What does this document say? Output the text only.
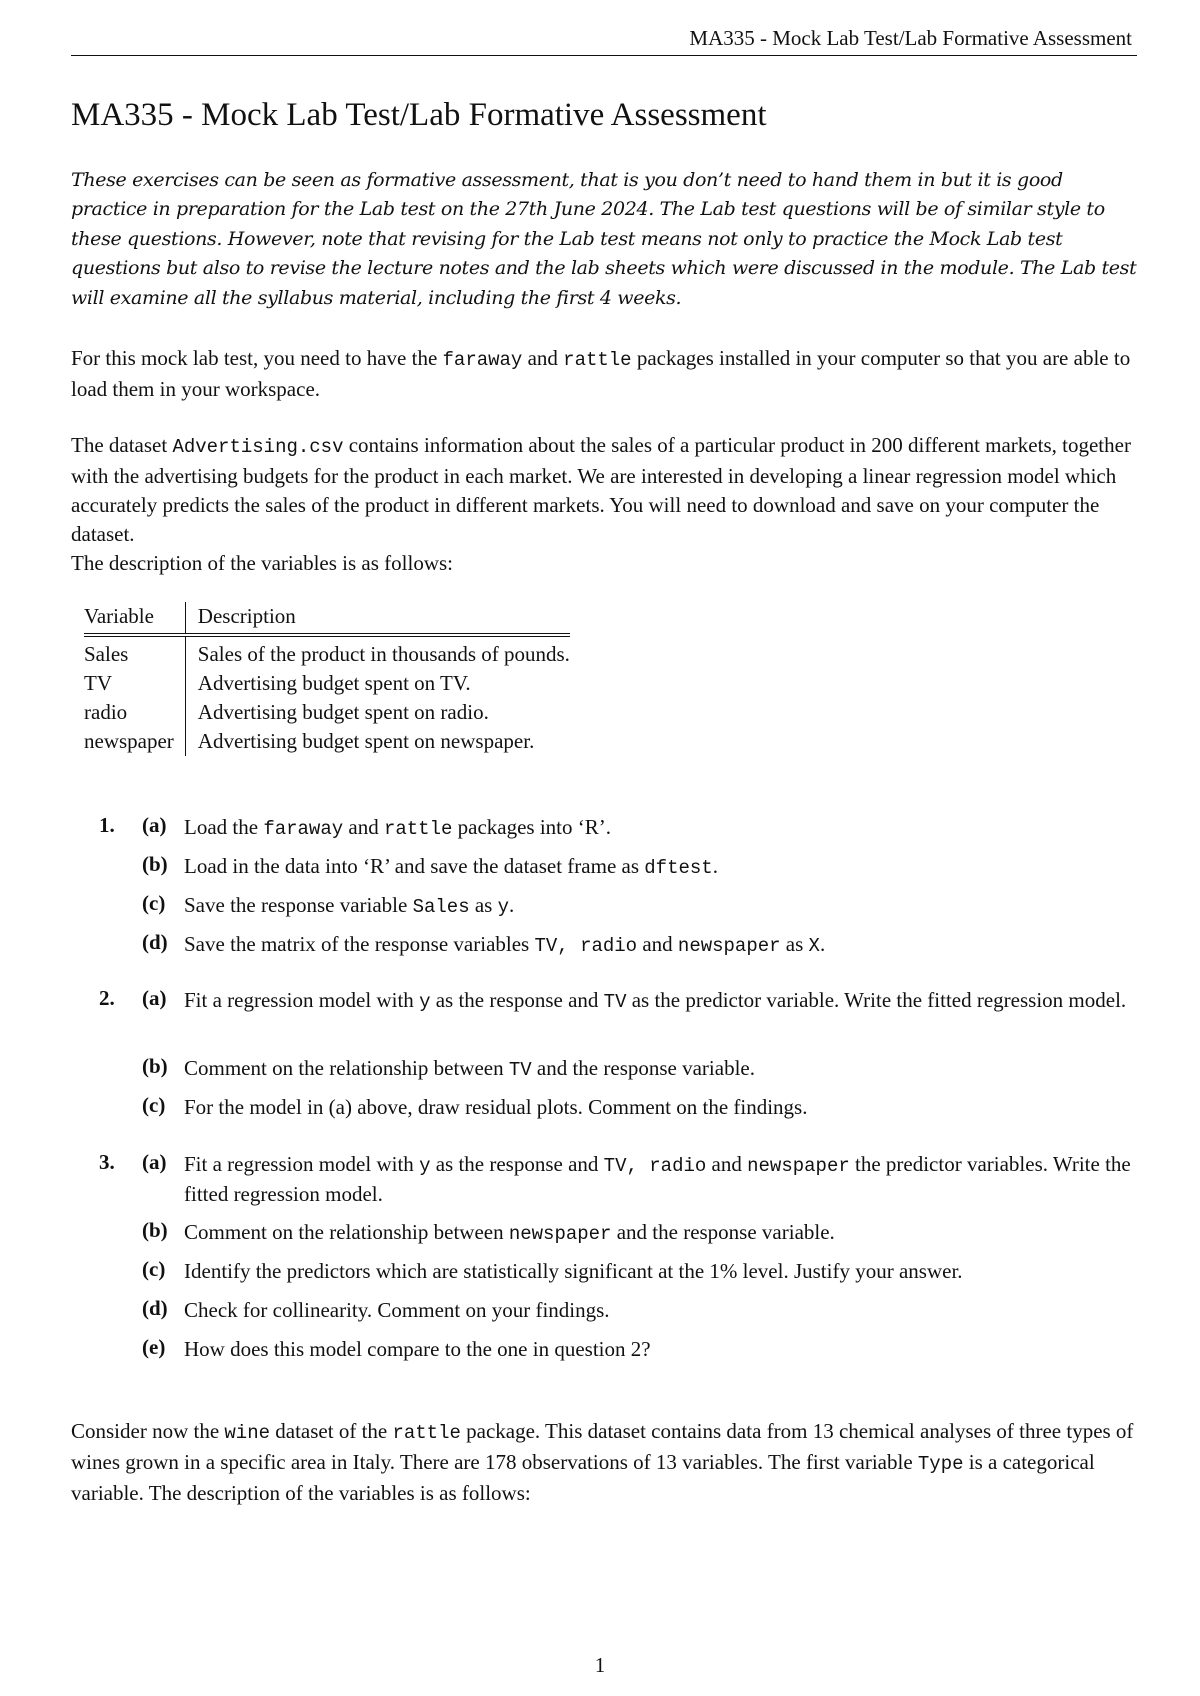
MA335 - Mock Lab Test/Lab Formative Assessment
MA335 - Mock Lab Test/Lab Formative Assessment

These exercises can be seen as formative assessment, that is you don’t need to hand them in but it is good practice in preparation for the Lab test on the 27th June 2024. The Lab test questions will be of similar style to these questions. However, note that revising for the Lab test means not only to practice the Mock Lab test questions but also to revise the lecture notes and the lab sheets which were discussed in the module. The Lab test will examine all the syllabus material, including the first 4 weeks.

For this mock lab test, you need to have the faraway and rattle packages installed in your computer so that you are able to load them in your workspace.

The dataset Advertising.csv contains information about the sales of a particular product in 200 different markets, together with the advertising budgets for the product in each market. We are interested in developing a linear regression model which accurately predicts the sales of the product in different markets. You will need to download and save on your computer the dataset.
The description of the variables is as follows:

Variable	Description
Sales	Sales of the product in thousands of pounds.
TV	Advertising budget spent on TV.
radio	Advertising budget spent on radio.
newspaper	Advertising budget spent on newspaper.
1. (a) Load the faraway and rattle packages into ‘R’.
(b) Load in the data into ‘R’ and save the dataset frame as dftest.
(c) Save the response variable Sales as y.
(d) Save the matrix of the response variables TV, radio and newspaper as X.
2. (a) Fit a regression model with y as the response and TV as the predictor variable. Write the fitted regression model.
(b) Comment on the relationship between TV and the response variable.
(c) For the model in (a) above, draw residual plots. Comment on the findings.
3. (a) Fit a regression model with y as the response and TV, radio and newspaper the predictor variables. Write the fitted regression model.
(b) Comment on the relationship between newspaper and the response variable.
(c) Identify the predictors which are statistically significant at the 1% level. Justify your answer.
(d) Check for collinearity. Comment on your findings.
(e) How does this model compare to the one in question 2?

Consider now the wine dataset of the rattle package. This dataset contains data from 13 chemical analyses of three types of wines grown in a specific area in Italy. There are 178 observations of 13 variables. The first variable Type is a categorical variable. The description of the variables is as follows:

1
